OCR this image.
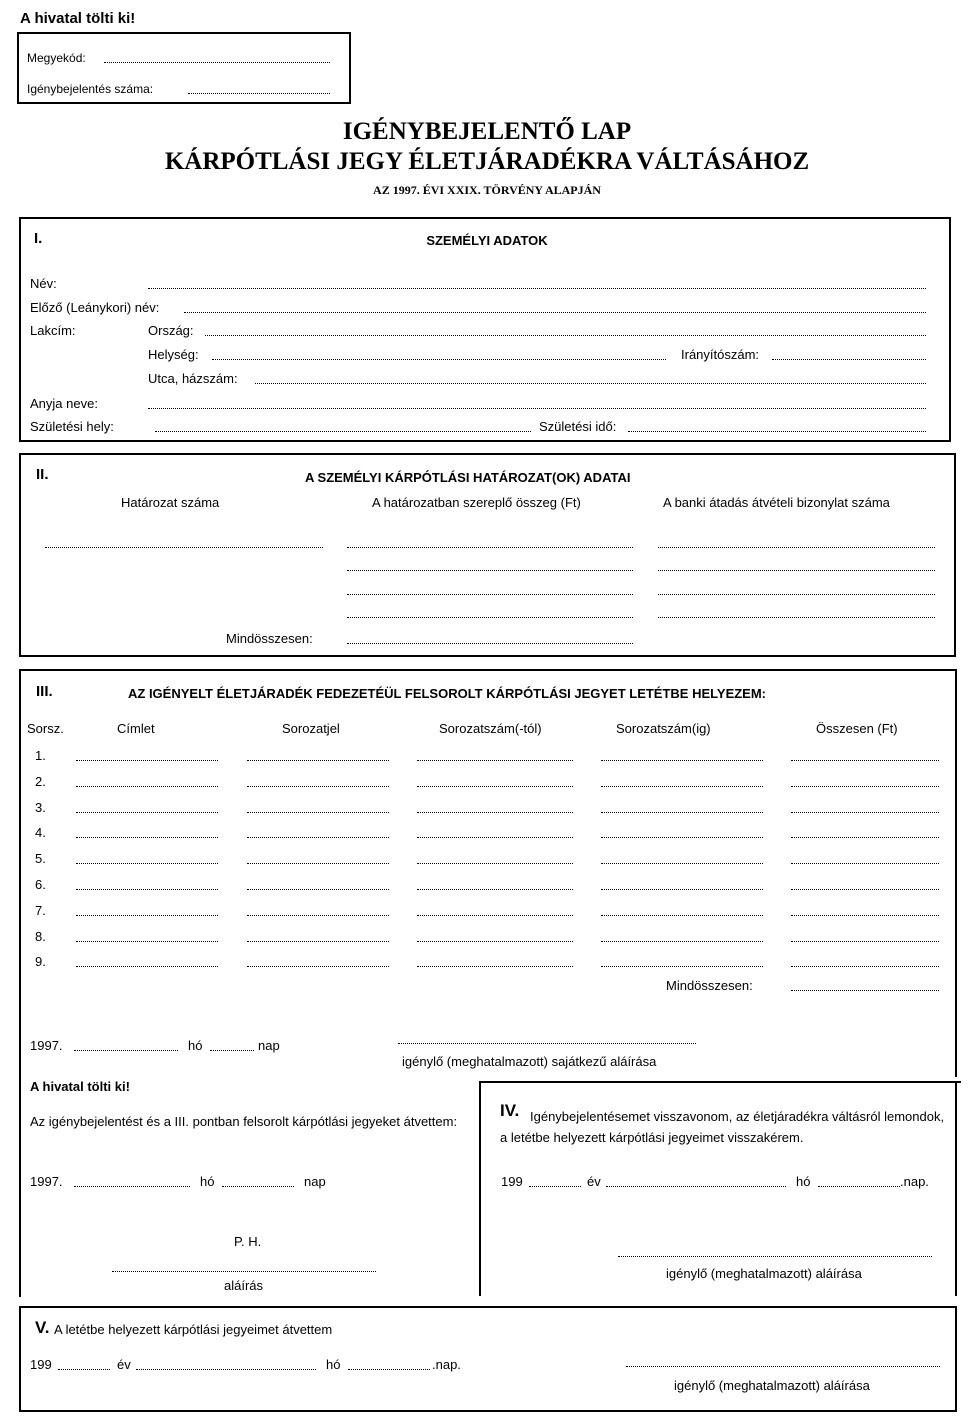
A hivatal tölti ki!
Megyekód:
Igénybejelentés száma:
IGÉNYBEJELENTŐ LAP
KÁRPÓTLÁSI JEGY ÉLETJÁRADÉKRA VÁLTÁSÁHOZ
AZ 1997. ÉVI XXIX. TÖRVÉNY ALAPJÁN
I.	SZEMÉLYI ADATOK
Név:
Előző (Leánykori) név:
Lakcím:	Ország:
Helység:	Irányítószám:
Utca, házszám:
Anyja neve:
Születési hely:	Születési idő:
II.	A SZEMÉLYI KÁRPÓTLÁSI HATÁROZAT(OK) ADATAI
Határozat száma	A határozatban szereplő összeg (Ft)	A banki átadás átvételi bizonylat száma
Mindösszesen:
III.	AZ IGÉNYELT ÉLETJÁRADÉK FEDEZETÉÜL FELSOROLT KÁRPÓTLÁSI JEGYET LETÉTBE HELYEZEM:
Sorsz.	Címlet	Sorozatjel	Sorozatszám(-tól)	Sorozatszám(ig)	Összesen (Ft)
1.
2.
3.
4.
5.
6.
7.
8.
9.
Mindösszesen:
1997.	hó	nap
igénylő (meghatalmazott) sajátkezű aláírása
A hivatal tölti ki!
Az igénybejelentést és a III. pontban felsorolt kárpótlási jegyeket átvettem:
1997.	hó	nap
P. H.
aláírás
IV. Igénybejelentésemet visszavonom, az életjáradékra váltásról lemondok, a letétbe helyezett kárpótlási jegyeimet visszakérem.
199	év	hó	.nap.
igénylő (meghatalmazott) aláírása
V. A letétbe helyezett kárpótlási jegyeimet átvettem
199	év	hó	.nap.
igénylő (meghatalmazott) aláírása
